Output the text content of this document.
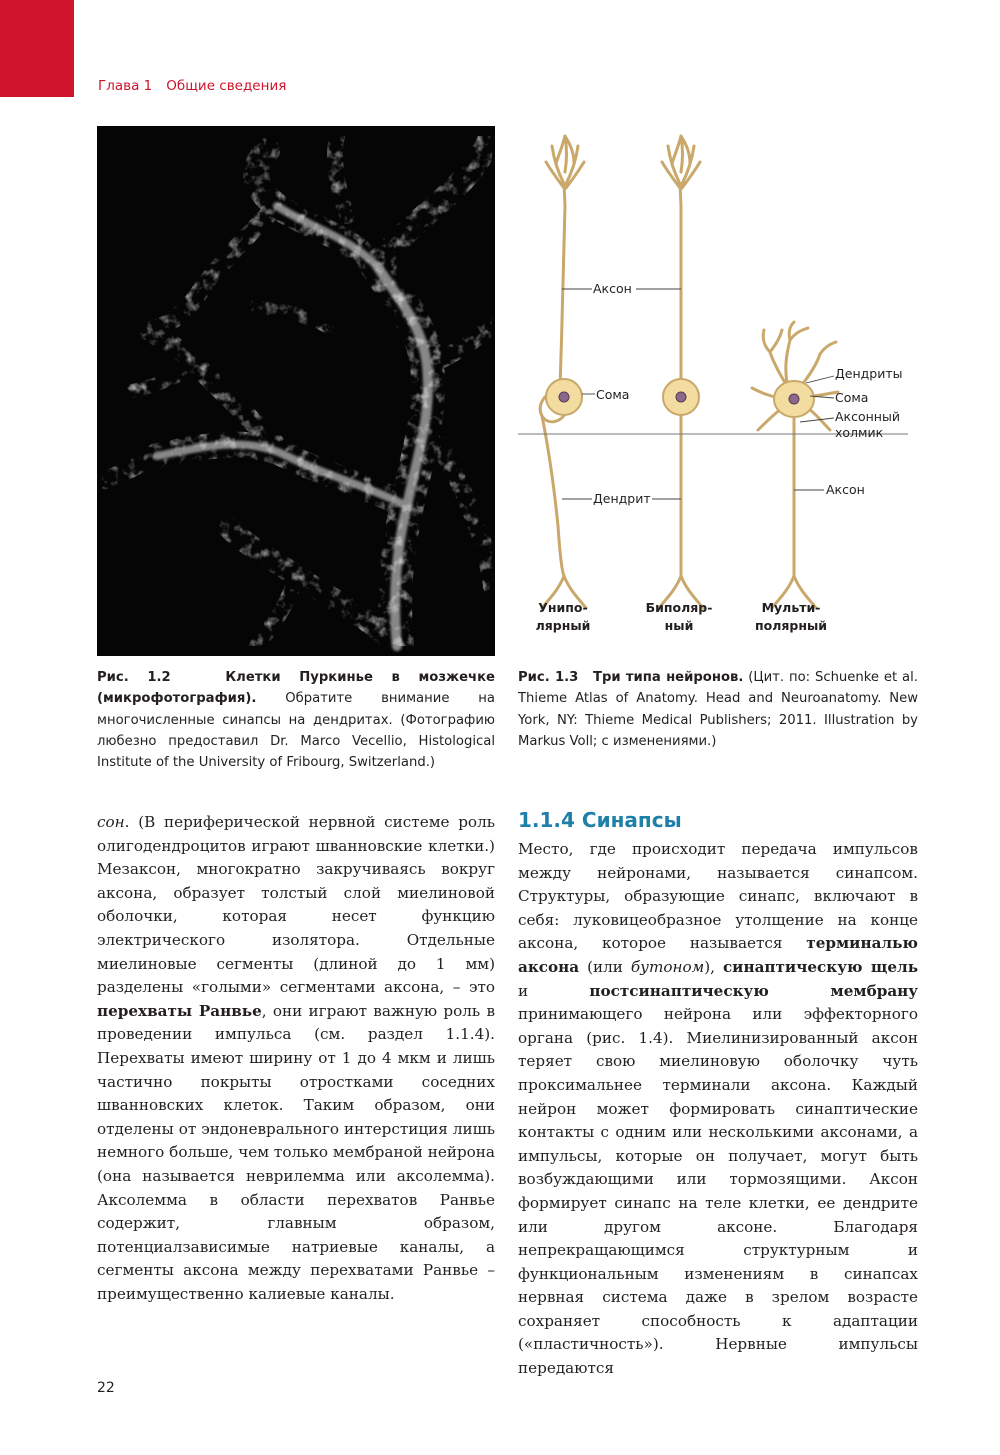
Глава 1 Общие сведения
Аксон
Сома
Дендриты
Сома
Аксонный
холмик
Дендрит
Аксон
Унипо-
лярный
Биполяр-
ный
Мульти-
полярный
Рис. 1.2	Клетки Пуркинье в мозжечке (микрофотография). Обратите внимание на многочисленные синапсы на дендритах. (Фотографию любезно предоставил Dr. Marco Vecellio, Histological Institute of the University of Fribourg, Switzerland.)
Рис. 1.3 Три типа нейронов. (Цит. по: Schuenke et al. Thieme Atlas of Anatomy. Head and Neuroanatomy. New York, NY: Thieme Medical Publishers; 2011. Illustration by Markus Voll; с изменениями.)
сон. (В периферической нервной системе роль олигодендроцитов играют шванновские клетки.) Мезаксон, многократно закручиваясь вокруг аксона, образует толстый слой миелиновой оболочки, которая несет функцию электрического изолятора. Отдельные миелиновые сегменты (длиной до 1 мм) разделены «голыми» сегментами аксона, – это перехваты Ранвье, они играют важную роль в проведении импульса (см. раздел 1.1.4). Перехваты имеют ширину от 1 до 4 мкм и лишь частично покрыты отростками соседних шванновских клеток. Таким образом, они отделены от эндоневрального интерстиция лишь немного больше, чем только мембраной нейрона (она называется неврилемма или аксолемма). Аксолемма в области перехватов Ранвье содержит, главным образом, потенциалзависимые натриевые каналы, а сегменты аксона между перехватами Ранвье – преимущественно калиевые каналы.
1.1.4 Синапсы
Место, где происходит передача импульсов между нейронами, называется синапсом. Структуры, образующие синапс, включают в себя: луковицеобразное утолщение на конце аксона, которое называется терминалью аксона (или бутоном), синаптическую щель и постсинаптическую мембрану принимающего нейрона или эффекторного органа (рис. 1.4). Миелинизированный аксон теряет свою миелиновую оболочку чуть проксимальнее терминали аксона. Каждый нейрон может формировать синаптические контакты с одним или несколькими аксонами, а импульсы, которые он получает, могут быть возбуждающими или тормозящими. Аксон формирует синапс на теле клетки, ее дендрите или другом аксоне. Благодаря непрекращающимся структурным и функциональным изменениям в синапсах нервная система даже в зрелом возрасте сохраняет способность к адаптации («пластичность»). Нервные импульсы передаются
22
